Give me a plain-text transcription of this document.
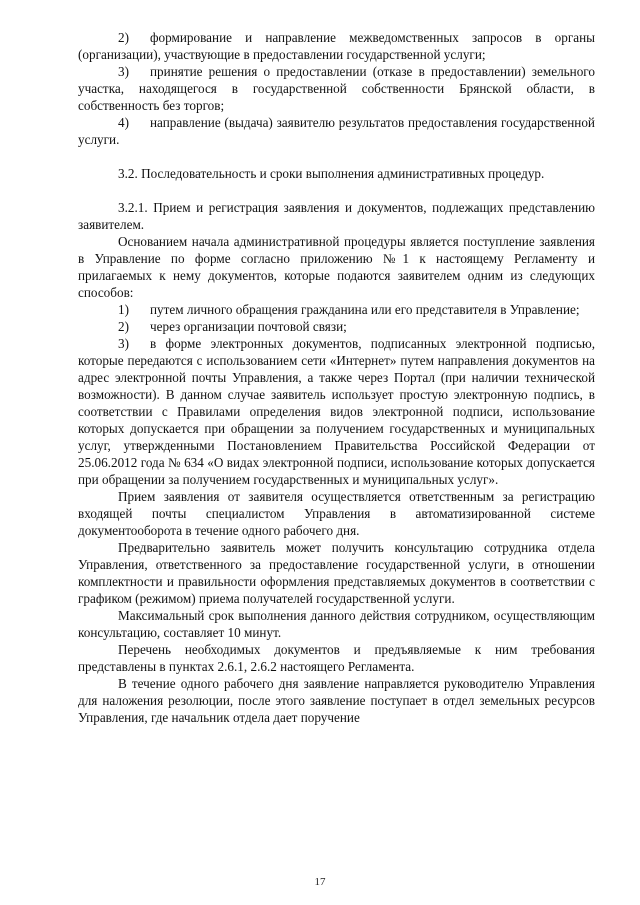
2) формирование и направление межведомственных запросов в органы (организации), участвующие в предоставлении государственной услуги;

3) принятие решения о предоставлении (отказе в предоставлении) земельного участка, находящегося в государственной собственности Брянской области, в собственность без торгов;

4) направление (выдача) заявителю результатов предоставления государственной услуги.

3.2. Последовательность и сроки выполнения административных процедур.

3.2.1. Прием и регистрация заявления и документов, подлежащих представлению заявителем.

Основанием начала административной процедуры является поступление заявления в Управление по форме согласно приложению №1 к настоящему Регламенту и прилагаемых к нему документов, которые подаются заявителем одним из следующих способов:

1) путем личного обращения гражданина или его представителя в Управление;

2) через организации почтовой связи;

3) в форме электронных документов, подписанных электронной подписью, которые передаются с использованием сети «Интернет» путем направления документов на адрес электронной почты Управления, а также через Портал (при наличии технической возможности). В данном случае заявитель использует простую электронную подпись, в соответствии с Правилами определения видов электронной подписи, использование которых допускается при обращении за получением государственных и муниципальных услуг, утвержденными Постановлением Правительства Российской Федерации от 25.06.2012 года № 634 «О видах электронной подписи, использование которых допускается при обращении за получением государственных и муниципальных услуг».

Прием заявления от заявителя осуществляется ответственным за регистрацию входящей почты специалистом Управления в автоматизированной системе документооборота в течение одного рабочего дня.

Предварительно заявитель может получить консультацию сотрудника отдела Управления, ответственного за предоставление государственной услуги, в отношении комплектности и правильности оформления представляемых документов в соответствии с графиком (режимом) приема получателей государственной услуги.

Максимальный срок выполнения данного действия сотрудником, осуществляющим консультацию, составляет 10 минут.

Перечень необходимых документов и предъявляемые к ним требования представлены в пунктах 2.6.1, 2.6.2 настоящего Регламента.

В течение одного рабочего дня заявление направляется руководителю Управления для наложения резолюции, после этого заявление поступает в отдел земельных ресурсов Управления, где начальник отдела дает поручение

17
